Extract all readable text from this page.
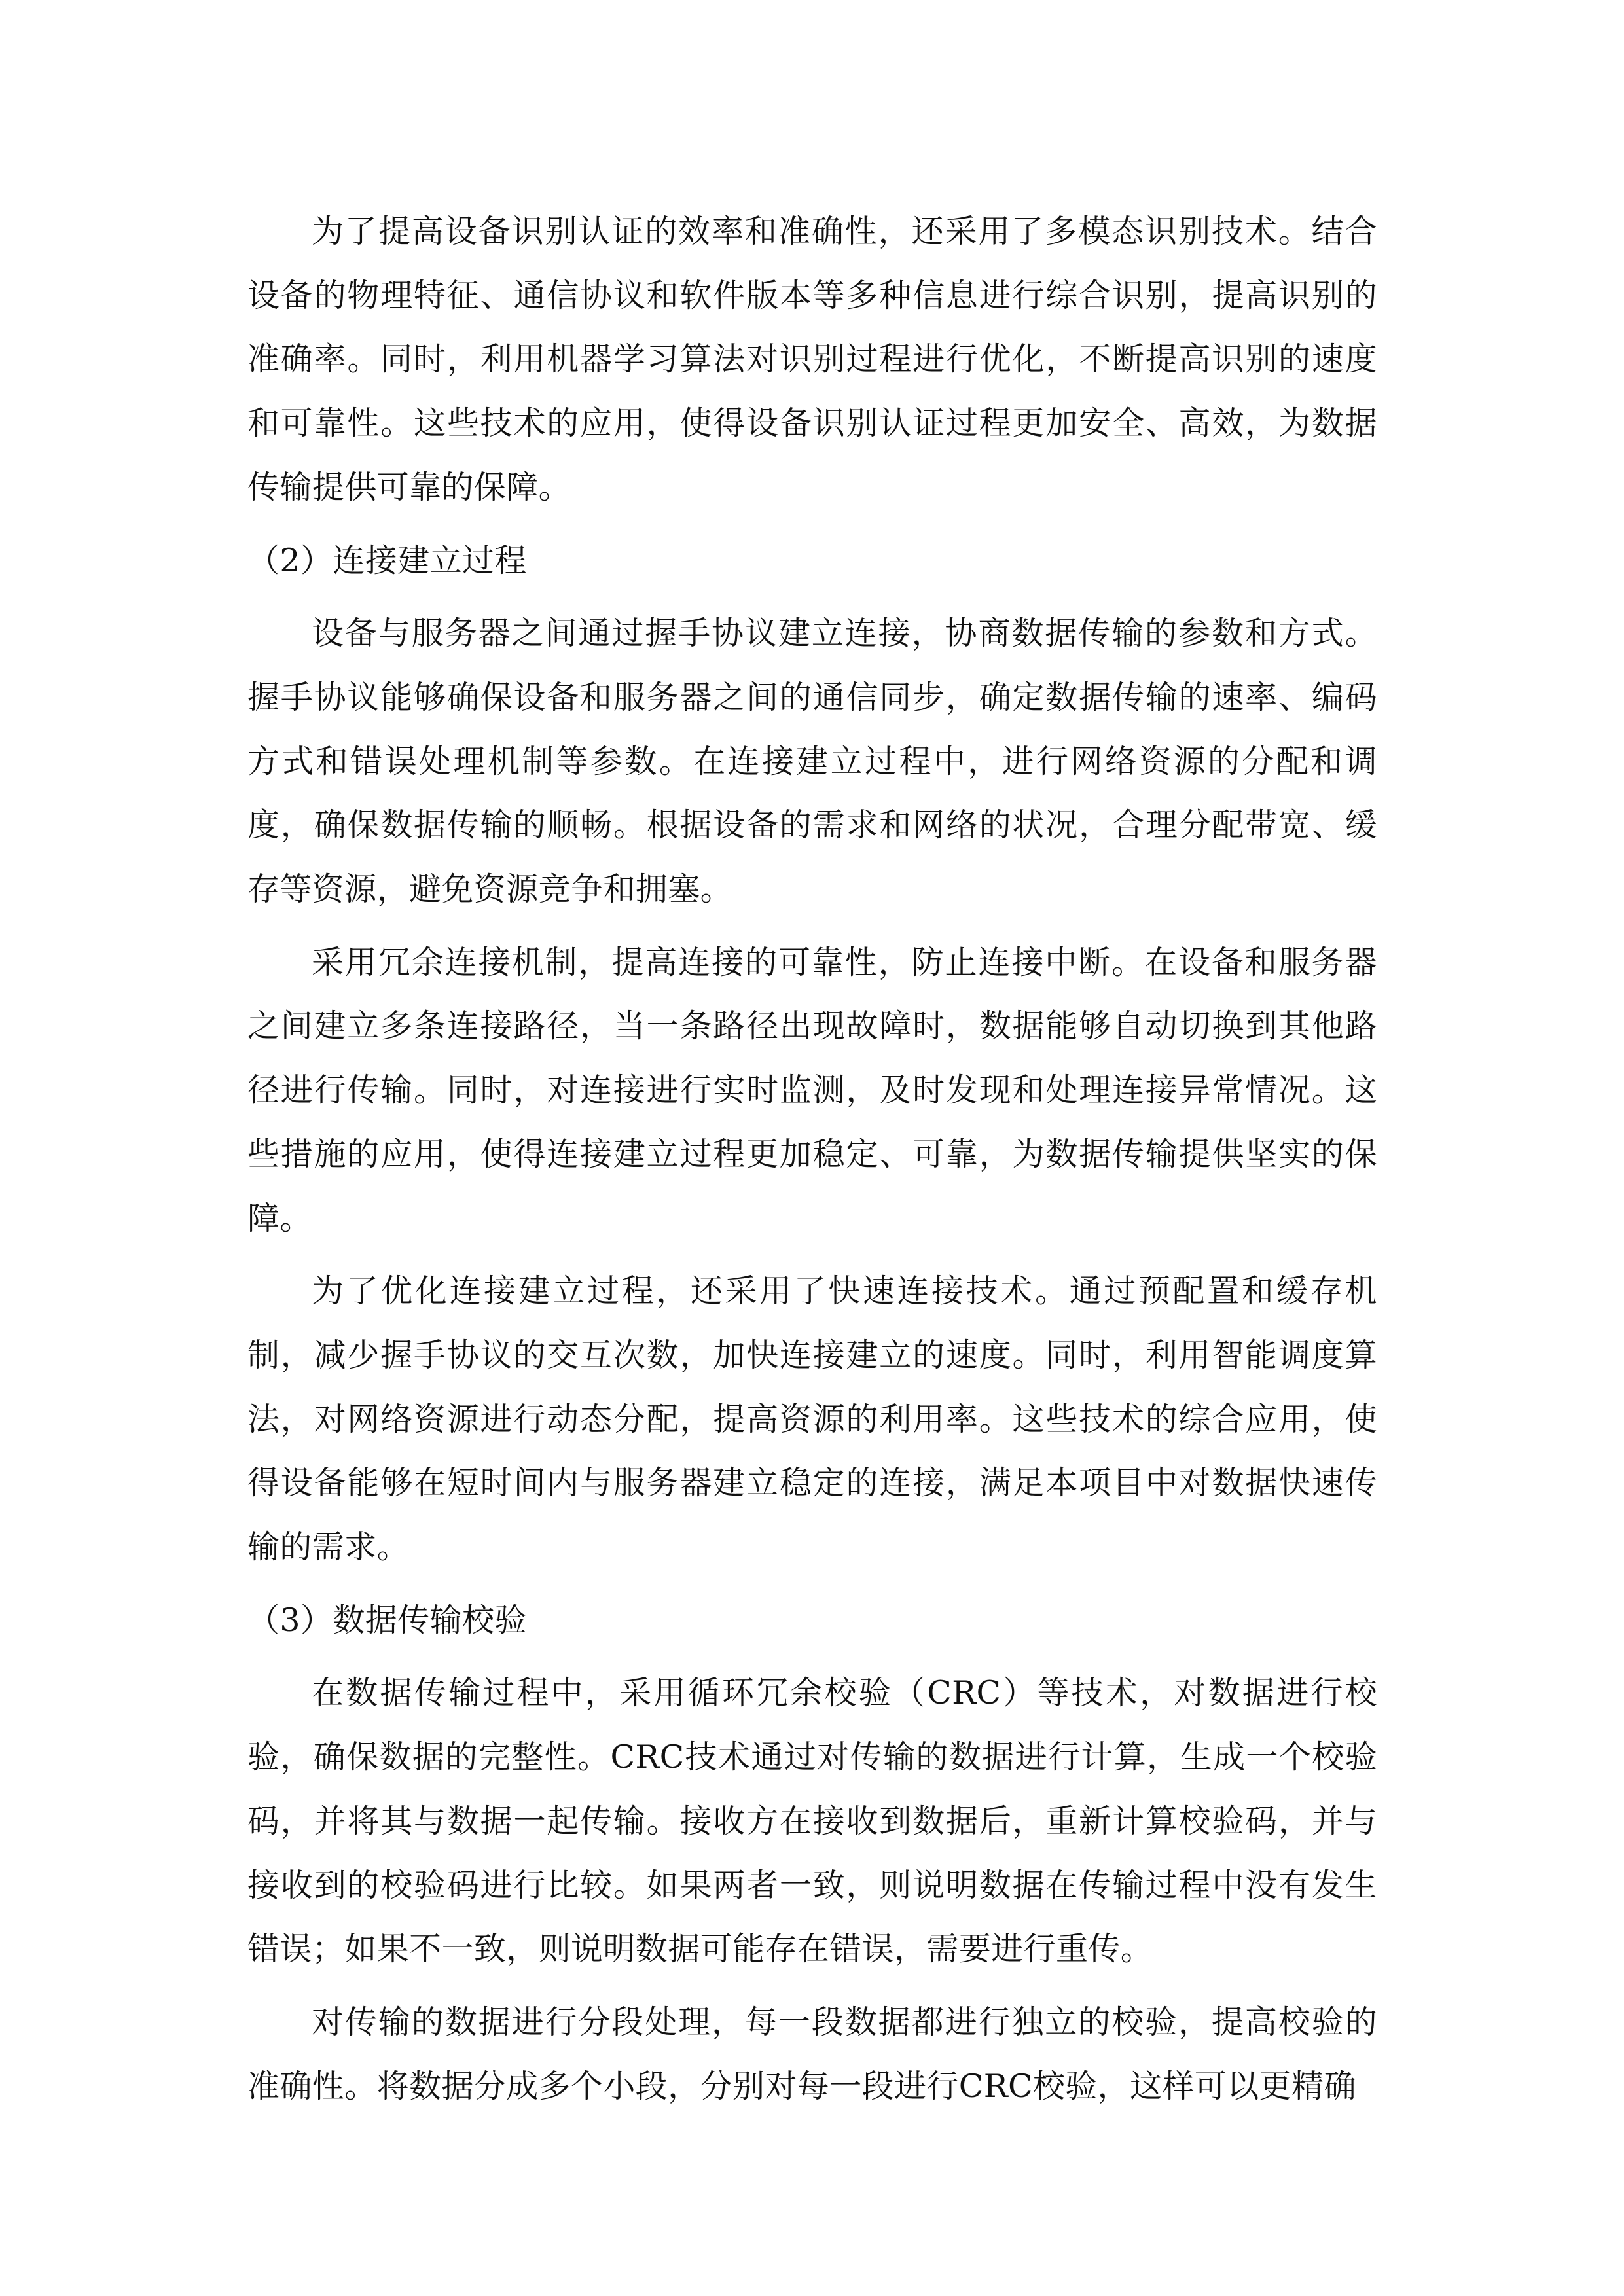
为了提高设备识别认证的效率和准确性，还采用了多模态识别技术。结合设备的物理特征、通信协议和软件版本等多种信息进行综合识别，提高识别的准确率。同时，利用机器学习算法对识别过程进行优化，不断提高识别的速度和可靠性。这些技术的应用，使得设备识别认证过程更加安全、高效，为数据传输提供可靠的保障。

（2）连接建立过程

设备与服务器之间通过握手协议建立连接，协商数据传输的参数和方式。握手协议能够确保设备和服务器之间的通信同步，确定数据传输的速率、编码方式和错误处理机制等参数。在连接建立过程中，进行网络资源的分配和调度，确保数据传输的顺畅。根据设备的需求和网络的状况，合理分配带宽、缓存等资源，避免资源竞争和拥塞。

采用冗余连接机制，提高连接的可靠性，防止连接中断。在设备和服务器之间建立多条连接路径，当一条路径出现故障时，数据能够自动切换到其他路径进行传输。同时，对连接进行实时监测，及时发现和处理连接异常情况。这些措施的应用，使得连接建立过程更加稳定、可靠，为数据传输提供坚实的保障。

为了优化连接建立过程，还采用了快速连接技术。通过预配置和缓存机制，减少握手协议的交互次数，加快连接建立的速度。同时，利用智能调度算法，对网络资源进行动态分配，提高资源的利用率。这些技术的综合应用，使得设备能够在短时间内与服务器建立稳定的连接，满足本项目中对数据快速传输的需求。

（3）数据传输校验

在数据传输过程中，采用循环冗余校验（CRC）等技术，对数据进行校验，确保数据的完整性。CRC技术通过对传输的数据进行计算，生成一个校验码，并将其与数据一起传输。接收方在接收到数据后，重新计算校验码，并与接收到的校验码进行比较。如果两者一致，则说明数据在传输过程中没有发生错误；如果不一致，则说明数据可能存在错误，需要进行重传。

对传输的数据进行分段处理，每一段数据都进行独立的校验，提高校验的准确性。将数据分成多个小段，分别对每一段进行CRC校验，这样可以更精确
